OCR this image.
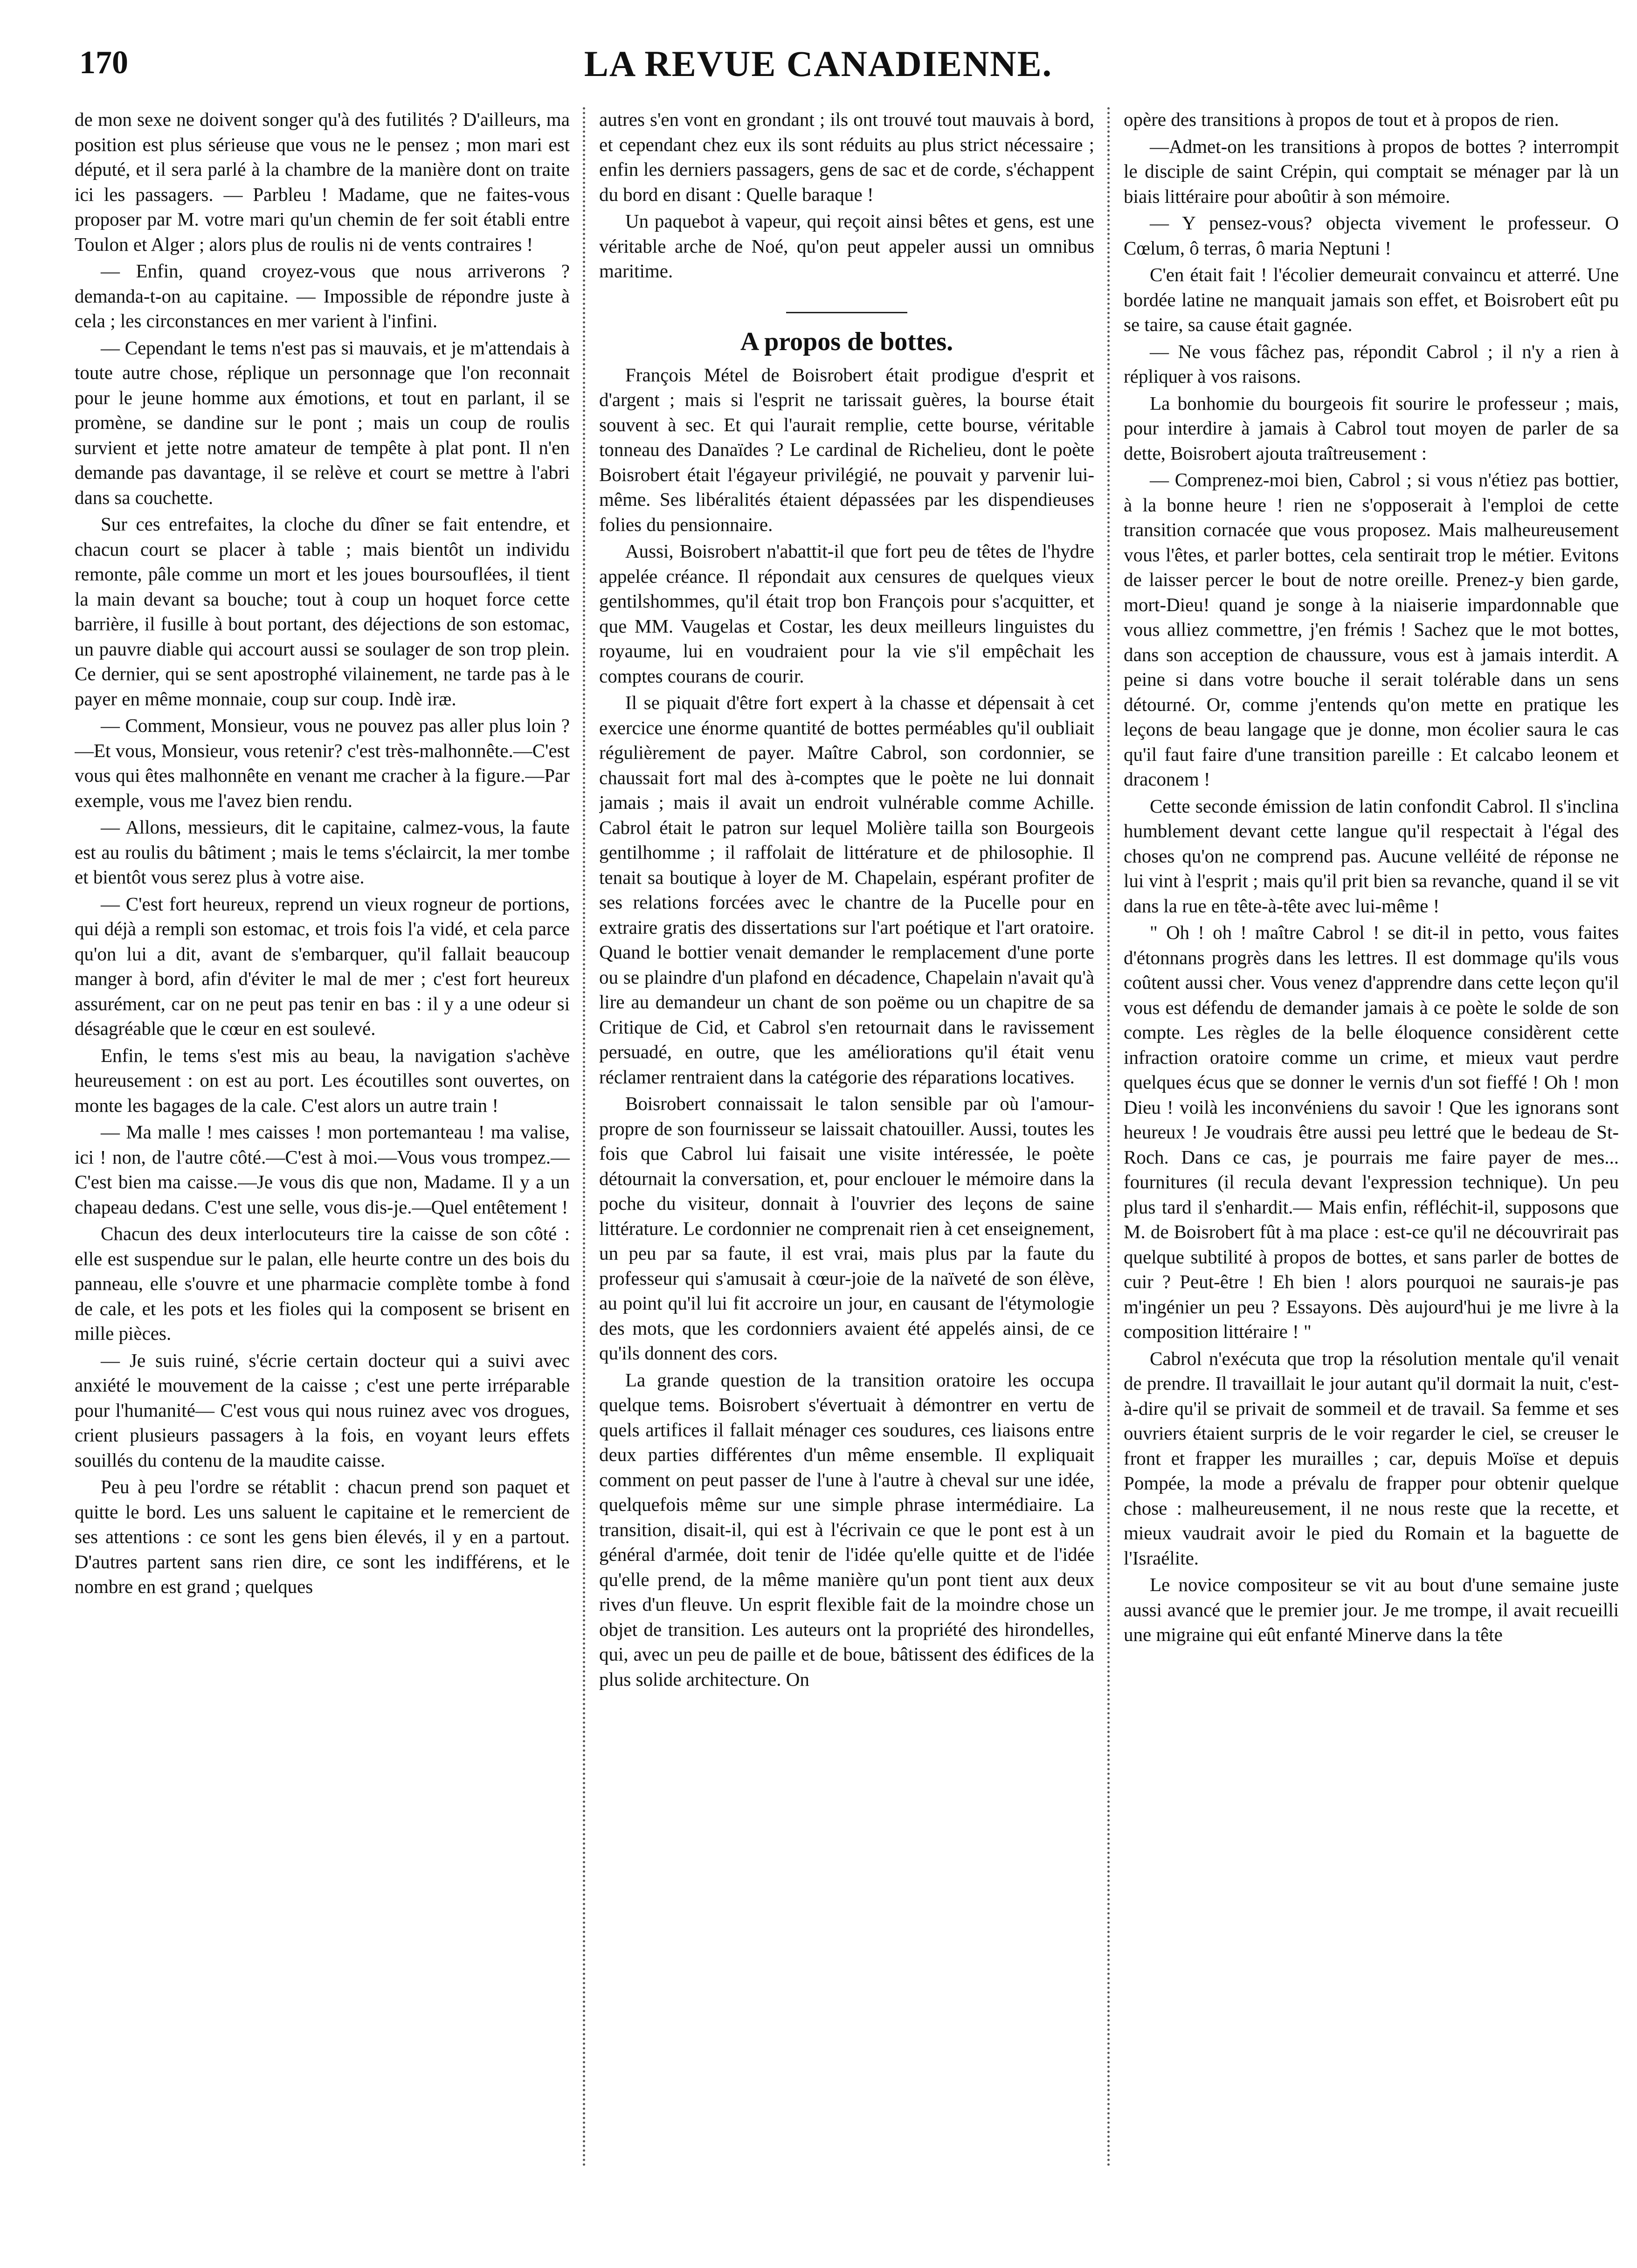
170	LA REVUE CANADIENNE.

de mon sexe ne doivent songer qu'à des futilités ? D'ailleurs, ma position est plus sérieuse que vous ne le pensez ; mon mari est député, et il sera parlé à la chambre de la manière dont on traite ici les passagers. — Parbleu ! Madame, que ne faites-vous proposer par M. votre mari qu'un chemin de fer soit établi entre Toulon et Alger ; alors plus de roulis ni de vents contraires !

— Enfin, quand croyez-vous que nous arriverons ? demanda-t-on au capitaine. — Impossible de répondre juste à cela ; les circonstances en mer varient à l'infini.

— Cependant le tems n'est pas si mauvais, et je m'attendais à toute autre chose, réplique un personnage que l'on reconnait pour le jeune homme aux émotions, et tout en parlant, il se promène, se dandine sur le pont ; mais un coup de roulis survient et jette notre amateur de tempête à plat pont. Il n'en demande pas davantage, il se relève et court se mettre à l'abri dans sa couchette.

Sur ces entrefaites, la cloche du dîner se fait entendre, et chacun court se placer à table ; mais bientôt un individu remonte, pâle comme un mort et les joues boursouflées, il tient la main devant sa bouche; tout à coup un hoquet force cette barrière, il fusille à bout portant, des déjections de son estomac, un pauvre diable qui accourt aussi se soulager de son trop plein. Ce dernier, qui se sent apostrophé vilainement, ne tarde pas à le payer en même monnaie, coup sur coup. Indè iræ.

— Comment, Monsieur, vous ne pouvez pas aller plus loin ?—Et vous, Monsieur, vous retenir? c'est très-malhonnête.—C'est vous qui êtes malhonnête en venant me cracher à la figure.—Par exemple, vous me l'avez bien rendu.

— Allons, messieurs, dit le capitaine, calmez-vous, la faute est au roulis du bâtiment ; mais le tems s'éclaircit, la mer tombe et bientôt vous serez plus à votre aise.

— C'est fort heureux, reprend un vieux rogneur de portions, qui déjà a rempli son estomac, et trois fois l'a vidé, et cela parce qu'on lui a dit, avant de s'embarquer, qu'il fallait beaucoup manger à bord, afin d'éviter le mal de mer ; c'est fort heureux assurément, car on ne peut pas tenir en bas : il y a une odeur si désagréable que le cœur en est soulevé.

Enfin, le tems s'est mis au beau, la navigation s'achève heureusement : on est au port. Les écoutilles sont ouvertes, on monte les bagages de la cale. C'est alors un autre train !

— Ma malle ! mes caisses ! mon portemanteau ! ma valise, ici ! non, de l'autre côté.—C'est à moi.—Vous vous trompez.—C'est bien ma caisse.—Je vous dis que non, Madame. Il y a un chapeau dedans. C'est une selle, vous dis-je.—Quel entêtement !

Chacun des deux interlocuteurs tire la caisse de son côté : elle est suspendue sur le palan, elle heurte contre un des bois du panneau, elle s'ouvre et une pharmacie complète tombe à fond de cale, et les pots et les fioles qui la composent se brisent en mille pièces.

— Je suis ruiné, s'écrie certain docteur qui a suivi avec anxiété le mouvement de la caisse ; c'est une perte irréparable pour l'humanité— C'est vous qui nous ruinez avec vos drogues, crient plusieurs passagers à la fois, en voyant leurs effets souillés du contenu de la maudite caisse.

Peu à peu l'ordre se rétablit : chacun prend son paquet et quitte le bord. Les uns saluent le capitaine et le remercient de ses attentions : ce sont les gens bien élevés, il y en a partout. D'autres partent sans rien dire, ce sont les indifférens, et le nombre en est grand ; quelques

autres s'en vont en grondant ; ils ont trouvé tout mauvais à bord, et cependant chez eux ils sont réduits au plus strict nécessaire ; enfin les derniers passagers, gens de sac et de corde, s'échappent du bord en disant : Quelle baraque !

Un paquebot à vapeur, qui reçoit ainsi bêtes et gens, est une véritable arche de Noé, qu'on peut appeler aussi un omnibus maritime.

A propos de bottes.

François Métel de Boisrobert était prodigue d'esprit et d'argent ; mais si l'esprit ne tarissait guères, la bourse était souvent à sec. Et qui l'aurait remplie, cette bourse, véritable tonneau des Danaïdes ? Le cardinal de Richelieu, dont le poète Boisrobert était l'égayeur privilégié, ne pouvait y parvenir lui-même. Ses libéralités étaient dépassées par les dispendieuses folies du pensionnaire.

Aussi, Boisrobert n'abattit-il que fort peu de têtes de l'hydre appelée créance. Il répondait aux censures de quelques vieux gentilshommes, qu'il était trop bon François pour s'acquitter, et que MM. Vaugelas et Costar, les deux meilleurs linguistes du royaume, lui en voudraient pour la vie s'il empêchait les comptes courans de courir.

Il se piquait d'être fort expert à la chasse et dépensait à cet exercice une énorme quantité de bottes perméables qu'il oubliait régulièrement de payer. Maître Cabrol, son cordonnier, se chaussait fort mal des à-comptes que le poète ne lui donnait jamais ; mais il avait un endroit vulnérable comme Achille. Cabrol était le patron sur lequel Molière tailla son Bourgeois gentilhomme ; il raffolait de littérature et de philosophie. Il tenait sa boutique à loyer de M. Chapelain, espérant profiter de ses relations forcées avec le chantre de la Pucelle pour en extraire gratis des dissertations sur l'art poétique et l'art oratoire. Quand le bottier venait demander le remplacement d'une porte ou se plaindre d'un plafond en décadence, Chapelain n'avait qu'à lire au demandeur un chant de son poëme ou un chapitre de sa Critique de Cid, et Cabrol s'en retournait dans le ravissement persuadé, en outre, que les améliorations qu'il était venu réclamer rentraient dans la catégorie des réparations locatives.

Boisrobert connaissait le talon sensible par où l'amour-propre de son fournisseur se laissait chatouiller. Aussi, toutes les fois que Cabrol lui faisait une visite intéressée, le poète détournait la conversation, et, pour enclouer le mémoire dans la poche du visiteur, donnait à l'ouvrier des leçons de saine littérature. Le cordonnier ne comprenait rien à cet enseignement, un peu par sa faute, il est vrai, mais plus par la faute du professeur qui s'amusait à cœur-joie de la naïveté de son élève, au point qu'il lui fit accroire un jour, en causant de l'étymologie des mots, que les cordonniers avaient été appelés ainsi, de ce qu'ils donnent des cors.

La grande question de la transition oratoire les occupa quelque tems. Boisrobert s'évertuait à démontrer en vertu de quels artifices il fallait ménager ces soudures, ces liaisons entre deux parties différentes d'un même ensemble. Il expliquait comment on peut passer de l'une à l'autre à cheval sur une idée, quelquefois même sur une simple phrase intermédiaire. La transition, disait-il, qui est à l'écrivain ce que le pont est à un général d'armée, doit tenir de l'idée qu'elle quitte et de l'idée qu'elle prend, de la même manière qu'un pont tient aux deux rives d'un fleuve. Un esprit flexible fait de la moindre chose un objet de transition. Les auteurs ont la propriété des hirondelles, qui, avec un peu de paille et de boue, bâtissent des édifices de la plus solide architecture. On

opère des transitions à propos de tout et à propos de rien.

—Admet-on les transitions à propos de bottes ? interrompit le disciple de saint Crépin, qui comptait se ménager par là un biais littéraire pour aboûtir à son mémoire.

— Y pensez-vous? objecta vivement le professeur. O Cœlum, ô terras, ô maria Neptuni !

C'en était fait ! l'écolier demeurait convaincu et atterré. Une bordée latine ne manquait jamais son effet, et Boisrobert eût pu se taire, sa cause était gagnée.

— Ne vous fâchez pas, répondit Cabrol ; il n'y a rien à répliquer à vos raisons.

La bonhomie du bourgeois fit sourire le professeur ; mais, pour interdire à jamais à Cabrol tout moyen de parler de sa dette, Boisrobert ajouta traîtreusement :

— Comprenez-moi bien, Cabrol ; si vous n'étiez pas bottier, à la bonne heure ! rien ne s'opposerait à l'emploi de cette transition cornacée que vous proposez. Mais malheureusement vous l'êtes, et parler bottes, cela sentirait trop le métier. Evitons de laisser percer le bout de notre oreille. Prenez-y bien garde, mort-Dieu! quand je songe à la niaiserie impardonnable que vous alliez commettre, j'en frémis ! Sachez que le mot bottes, dans son acception de chaussure, vous est à jamais interdit. A peine si dans votre bouche il serait tolérable dans un sens détourné. Or, comme j'entends qu'on mette en pratique les leçons de beau langage que je donne, mon écolier saura le cas qu'il faut faire d'une transition pareille : Et calcabo leonem et draconem !

Cette seconde émission de latin confondit Cabrol. Il s'inclina humblement devant cette langue qu'il respectait à l'égal des choses qu'on ne comprend pas. Aucune velléité de réponse ne lui vint à l'esprit ; mais qu'il prit bien sa revanche, quand il se vit dans la rue en tête-à-tête avec lui-même !

" Oh ! oh ! maître Cabrol ! se dit-il in petto, vous faites d'étonnans progrès dans les lettres. Il est dommage qu'ils vous coûtent aussi cher. Vous venez d'apprendre dans cette leçon qu'il vous est défendu de demander jamais à ce poète le solde de son compte. Les règles de la belle éloquence considèrent cette infraction oratoire comme un crime, et mieux vaut perdre quelques écus que se donner le vernis d'un sot fieffé ! Oh ! mon Dieu ! voilà les inconvéniens du savoir ! Que les ignorans sont heureux ! Je voudrais être aussi peu lettré que le bedeau de St-Roch. Dans ce cas, je pourrais me faire payer de mes... fournitures (il recula devant l'expression technique). Un peu plus tard il s'enhardit.— Mais enfin, réfléchit-il, supposons que M. de Boisrobert fût à ma place : est-ce qu'il ne découvrirait pas quelque subtilité à propos de bottes, et sans parler de bottes de cuir ? Peut-être ! Eh bien ! alors pourquoi ne saurais-je pas m'ingénier un peu ? Essayons. Dès aujourd'hui je me livre à la composition littéraire ! "

Cabrol n'exécuta que trop la résolution mentale qu'il venait de prendre. Il travaillait le jour autant qu'il dormait la nuit, c'est-à-dire qu'il se privait de sommeil et de travail. Sa femme et ses ouvriers étaient surpris de le voir regarder le ciel, se creuser le front et frapper les murailles ; car, depuis Moïse et depuis Pompée, la mode a prévalu de frapper pour obtenir quelque chose : malheureusement, il ne nous reste que la recette, et mieux vaudrait avoir le pied du Romain et la baguette de l'Israélite.

Le novice compositeur se vit au bout d'une semaine juste aussi avancé que le premier jour. Je me trompe, il avait recueilli une migraine qui eût enfanté Minerve dans la tête
